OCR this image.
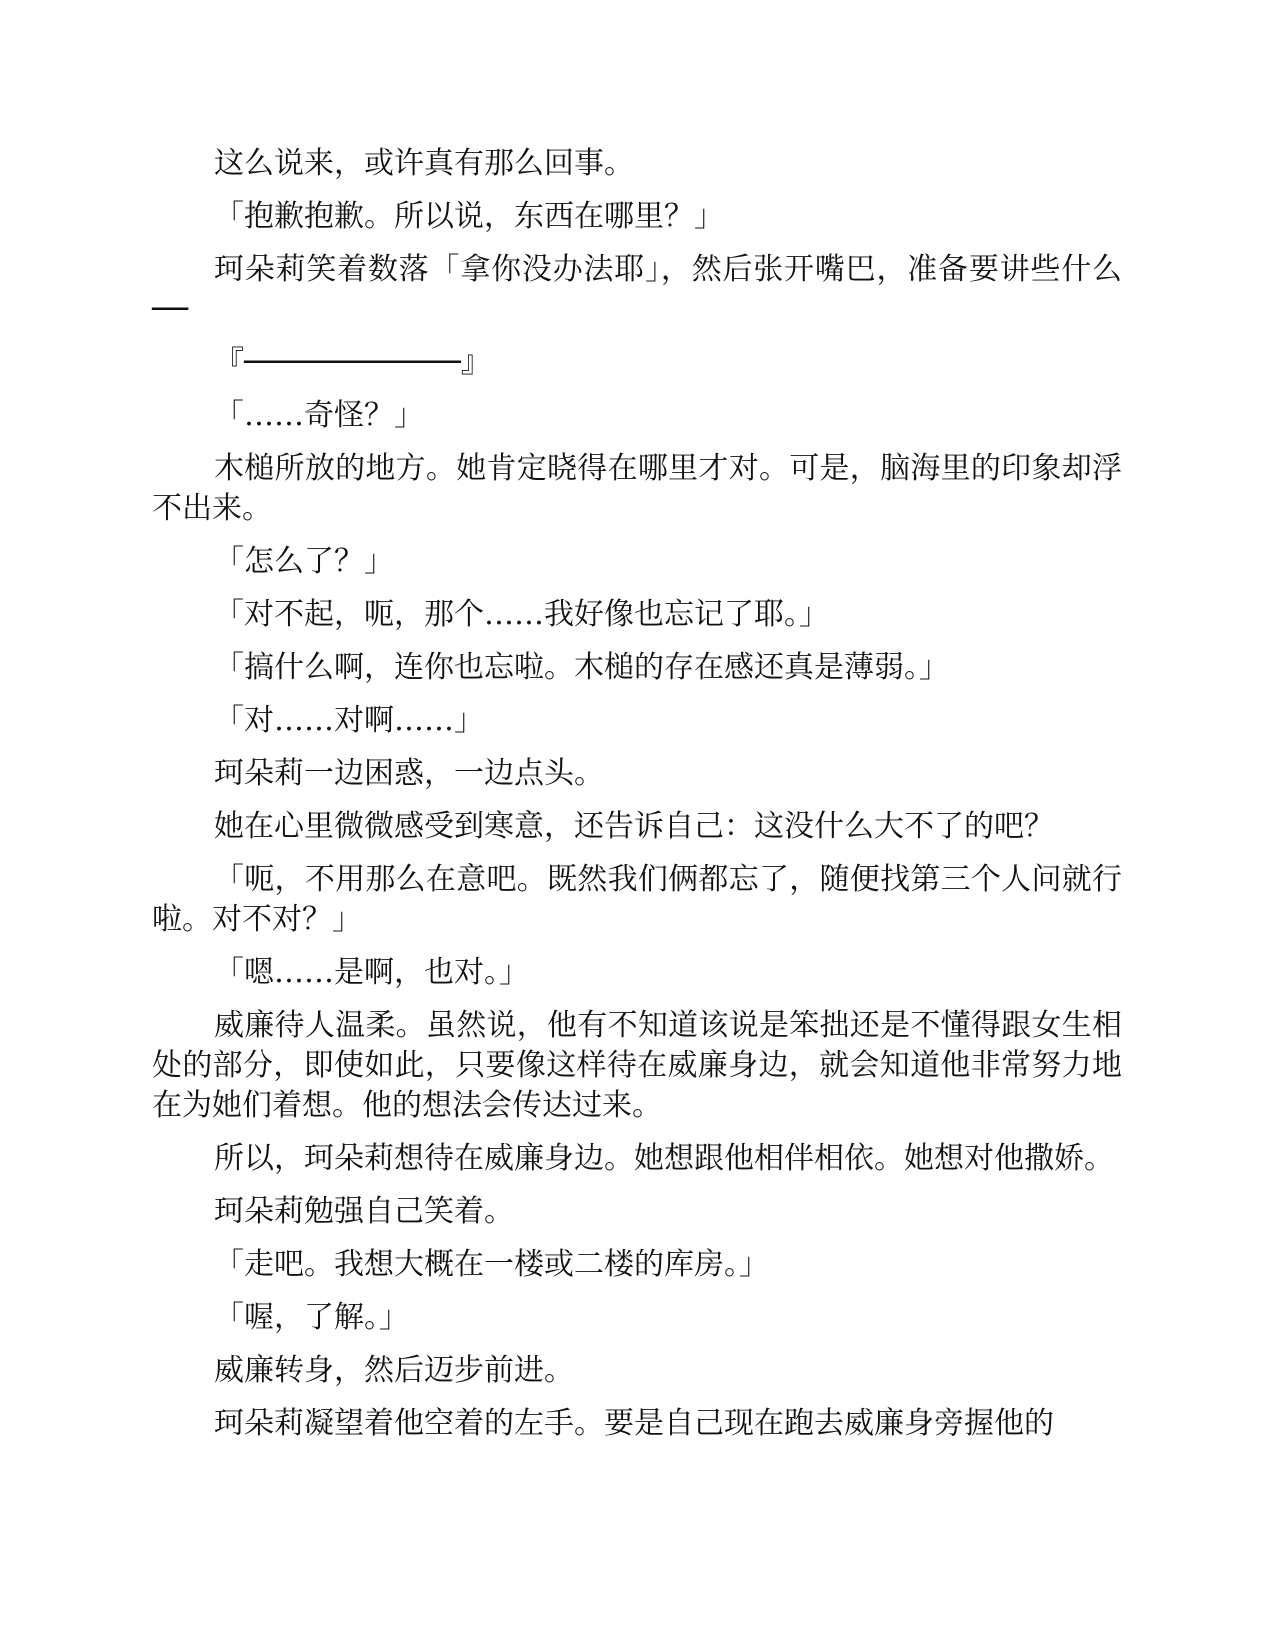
这么说来，或许真有那么回事。

「抱歉抱歉。所以说，东西在哪里？」

珂朵莉笑着数落「拿你没办法耶」，然后张开嘴巴，准备要讲些什么──

『────────────』

「……奇怪？」

木槌所放的地方。她肯定晓得在哪里才对。可是，脑海里的印象却浮不出来。

「怎么了？」

「对不起，呃，那个……我好像也忘记了耶。」

「搞什么啊，连你也忘啦。木槌的存在感还真是薄弱。」

「对……对啊……」

珂朵莉一边困惑，一边点头。

她在心里微微感受到寒意，还告诉自己：这没什么大不了的吧？

「呃，不用那么在意吧。既然我们俩都忘了，随便找第三个人问就行啦。对不对？」

「嗯……是啊，也对。」

威廉待人温柔。虽然说，他有不知道该说是笨拙还是不懂得跟女生相处的部分，即使如此，只要像这样待在威廉身边，就会知道他非常努力地在为她们着想。他的想法会传达过来。

所以，珂朵莉想待在威廉身边。她想跟他相伴相依。她想对他撒娇。

珂朵莉勉强自己笑着。

「走吧。我想大概在一楼或二楼的库房。」

「喔，了解。」

威廉转身，然后迈步前进。

珂朵莉凝望着他空着的左手。要是自己现在跑去威廉身旁握他的
